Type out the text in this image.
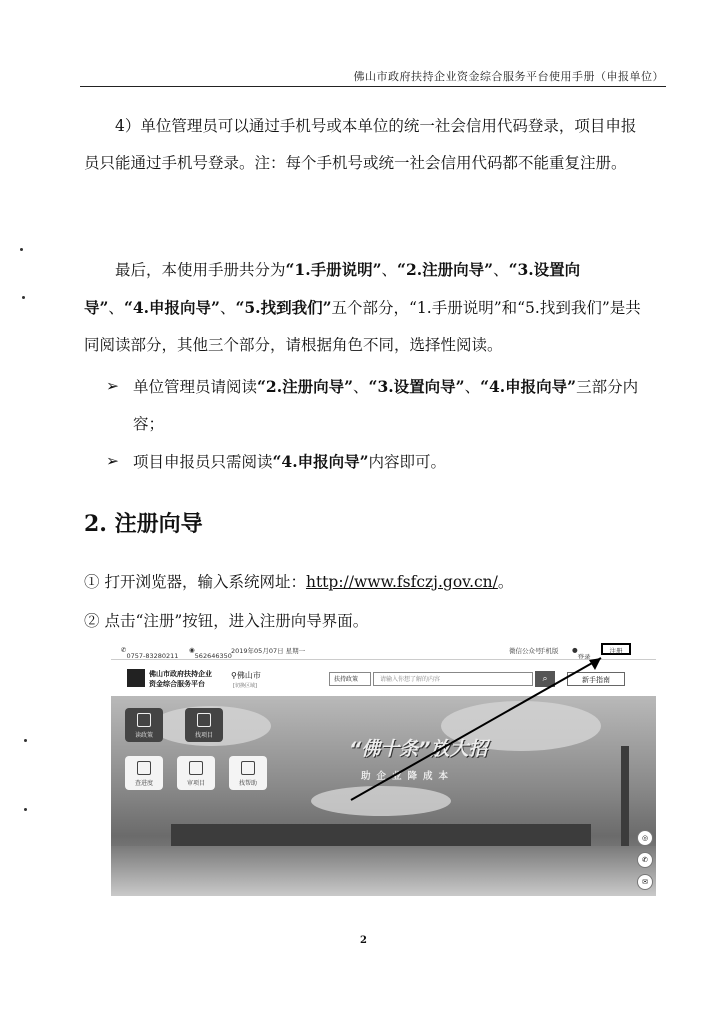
佛山市政府扶持企业资金综合服务平台使用手册（申报单位）

4）单位管理员可以通过手机号或本单位的统一社会信用代码登录，项目申报员只能通过手机号登录。注：每个手机号或统一社会信用代码都不能重复注册。

最后，本使用手册共分为“1.手册说明”、“2.注册向导”、“3.设置向导”、“4.申报向导”、“5.找到我们”五个部分，“1.手册说明”和“5.找到我们”是共同阅读部分，其他三个部分，请根据角色不同，选择性阅读。

➢ 单位管理员请阅读“2.注册向导”、“3.设置向导”、“4.申报向导”三部分内容；
➢ 项目申报员只需阅读“4.申报向导”内容即可。
2. 注册向导
① 打开浏览器，输入系统网址：http://www.fsfczj.gov.cn/。
② 点击“注册”按钮，进入注册向导界面。
✆
0757-83280211
◉
562646350
2019年05月07日 星期一	微信公众号
手机版 ●
登录
注册
佛山市政府扶持企业
资金综合服务平台
⚲佛山市
[切换区域]
扶持政策	请输入你想了解的内容	⌕	新手指南
读政策	找项目
查进度	审项目	找帮助
“佛十条”放大招
助企业降成本
◎
✆
✉
2
